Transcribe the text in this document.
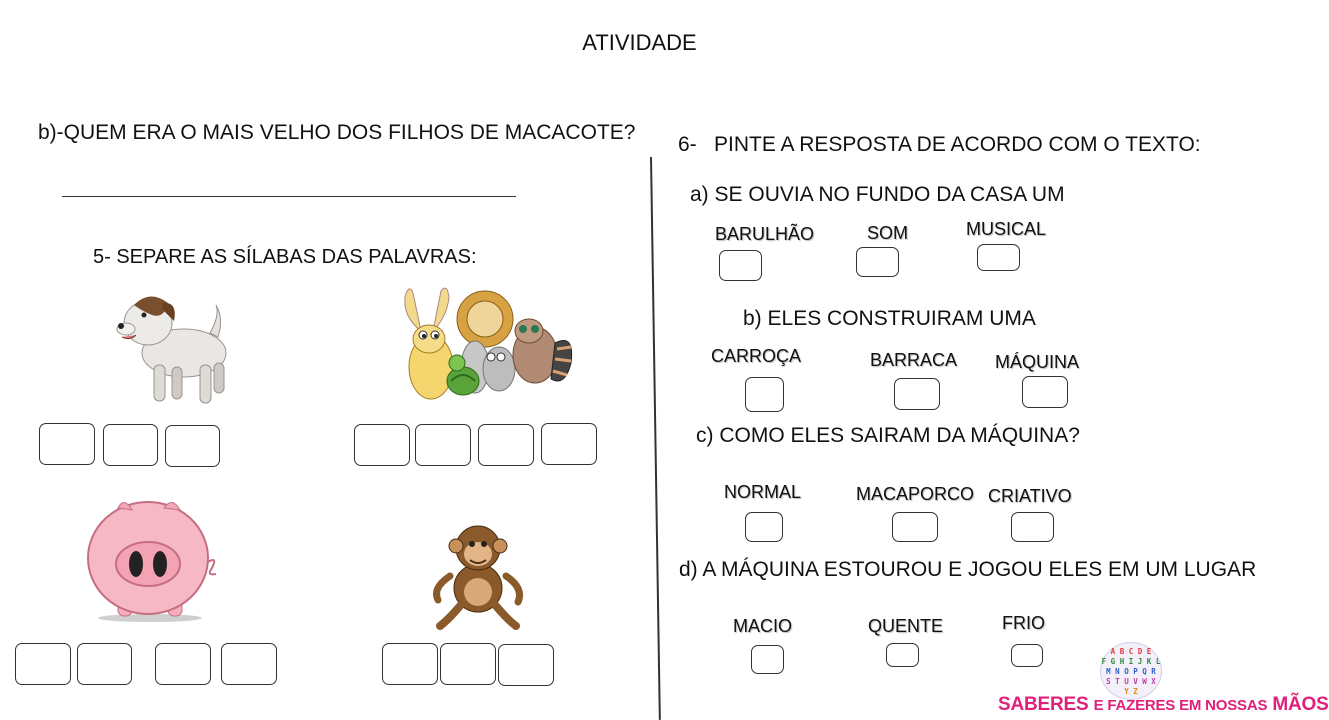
ATIVIDADE
b)-QUEM ERA O MAIS VELHO DOS FILHOS DE MACACOTE?
5- SEPARE AS SÍLABAS DAS PALAVRAS:
6- PINTE A RESPOSTA DE ACORDO COM O TEXTO:
a) SE OUVIA NO FUNDO DA CASA UM
BARULHÃO	SOM	MUSICAL
b) ELES CONSTRUIRAM UMA
CARROÇA	BARRACA MÁQUINA
c) COMO ELES SAIRAM DA MÁQUINA?
NORMAL	MACAPORCO CRIATIVO
d) A MÁQUINA ESTOUROU E JOGOU ELES EM UM LUGAR
MACIO	QUENTE	FRIO
A B C D E
F G H I J K L
M N O P Q R
S T U V W X
Y Z
SABERES E FAZERES EM NOSSAS MÃOS
